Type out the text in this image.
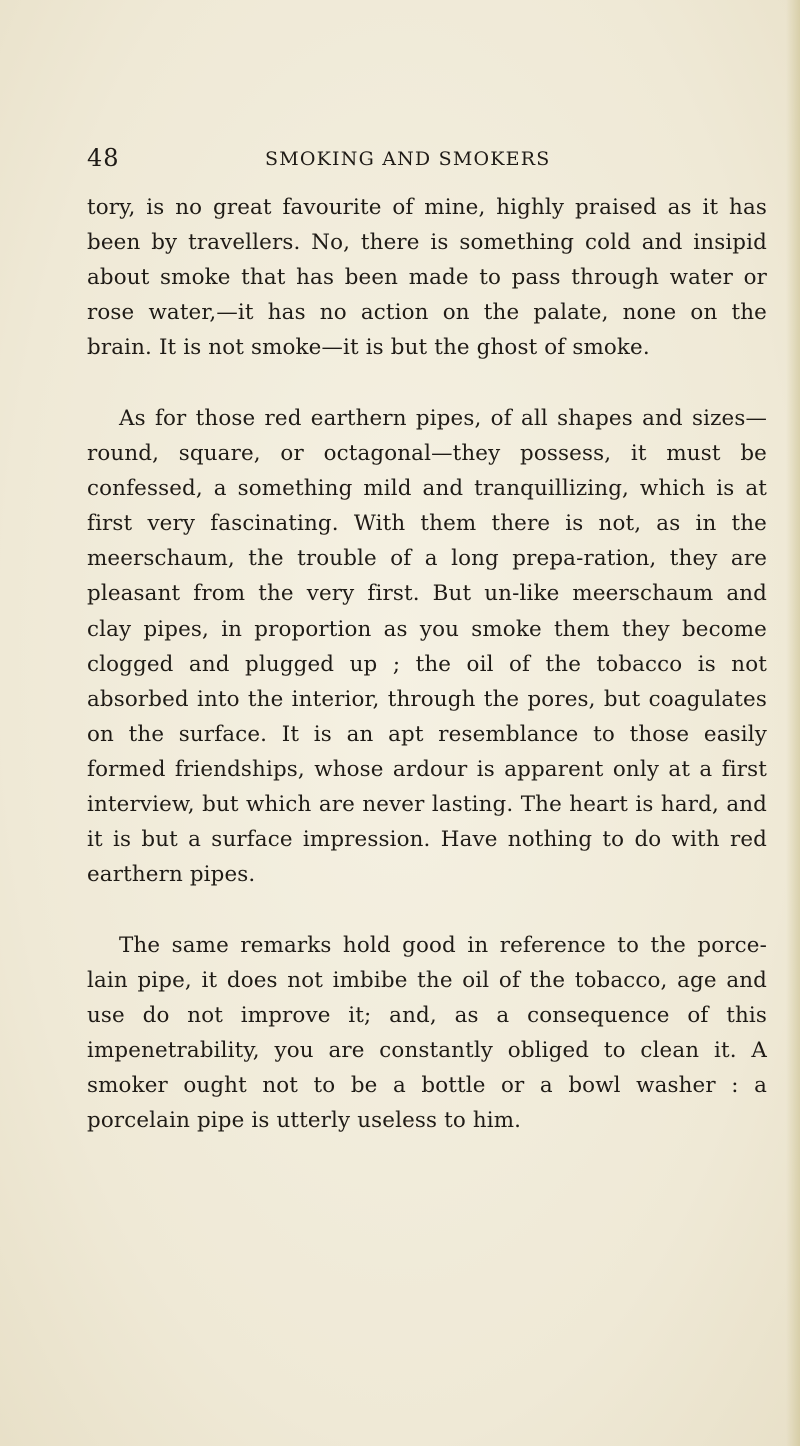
48	SMOKING AND SMOKERS

tory, is no great favourite of mine, highly praised as it has been by travellers. No, there is something cold and insipid about smoke that has been made to pass through water or rose water,—it has no action on the palate, none on the brain. It is not smoke—it is but the ghost of smoke.

As for those red earthern pipes, of all shapes and sizes—round, square, or octagonal—they possess, it must be confessed, a something mild and tranquillizing, which is at first very fascinating. With them there is not, as in the meerschaum, the trouble of a long prepa-ration, they are pleasant from the very first. But un-like meerschaum and clay pipes, in proportion as you smoke them they become clogged and plugged up ; the oil of the tobacco is not absorbed into the interior, through the pores, but coagulates on the surface. It is an apt resemblance to those easily formed friendships, whose ardour is apparent only at a first interview, but which are never lasting. The heart is hard, and it is but a surface impression. Have nothing to do with red earthern pipes.

The same remarks hold good in reference to the porce-lain pipe, it does not imbibe the oil of the tobacco, age and use do not improve it; and, as a consequence of this impenetrability, you are constantly obliged to clean it. A smoker ought not to be a bottle or a bowl washer : a porcelain pipe is utterly useless to him.
